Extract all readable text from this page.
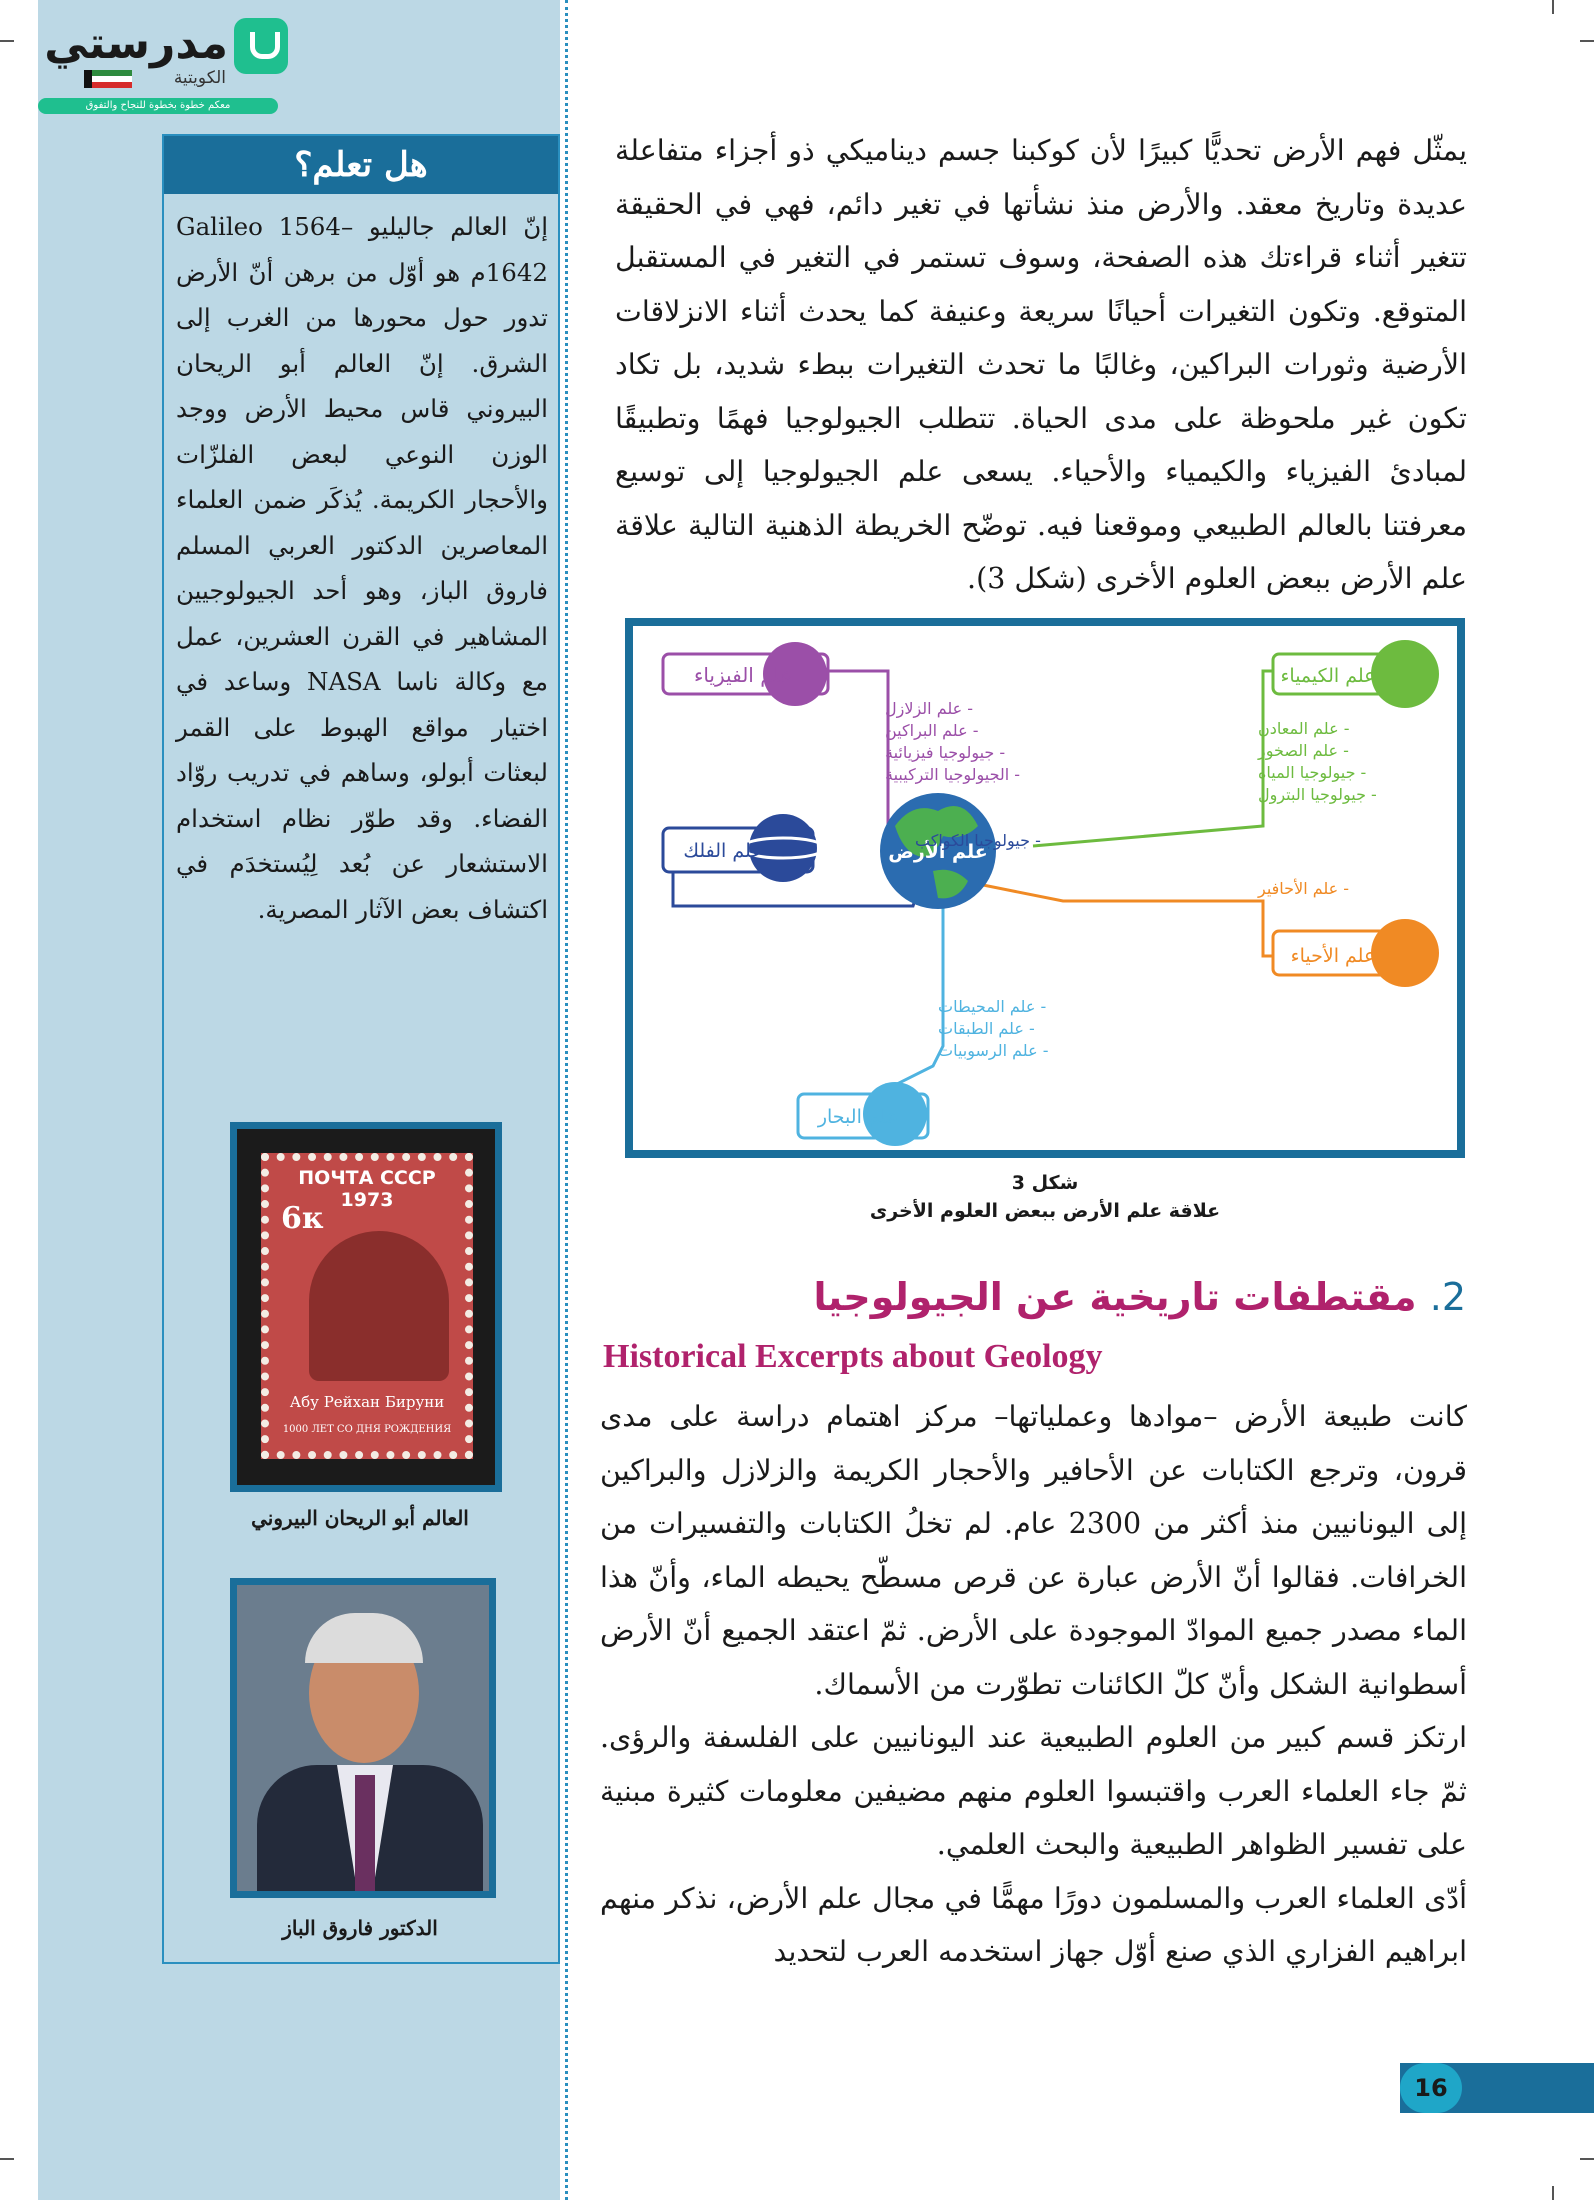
مدرستي
الكويتية
معكم خطوة بخطوة للنجاح والتفوق
هل تعلم؟
إنّ العالم جاليليو Galileo 1564–1642م هو أوّل من برهن أنّ الأرض تدور حول محورها من الغرب إلى الشرق. إنّ العالم أبو الريحان البيروني قاس محيط الأرض ووجد الوزن النوعي لبعض الفلزّات والأحجار الكريمة. يُذكَر ضمن العلماء المعاصرين الدكتور العربي المسلم فاروق الباز، وهو أحد الجيولوجيين المشاهير في القرن العشرين، عمل مع وكالة ناسا NASA وساعد في اختيار مواقع الهبوط على القمر لبعثات أبولو، وساهم في تدريب روّاد الفضاء. وقد طوّر نظام استخدام الاستشعار عن بُعد لِيُستخدَم في اكتشاف بعض الآثار المصرية.
ПОЧТА СССР 1973
6к
Абу Рейхан Бируни
1000 ЛЕТ СО ДНЯ РОЖДЕНИЯ
العالم أبو الريحان البيروني
الدكتور فاروق الباز
يمثّل فهم الأرض تحديًّا كبيرًا لأن كوكبنا جسم ديناميكي ذو أجزاء متفاعلة عديدة وتاريخ معقد. والأرض منذ نشأتها في تغير دائم، فهي في الحقيقة تتغير أثناء قراءتك هذه الصفحة، وسوف تستمر في التغير في المستقبل المتوقع. وتكون التغيرات أحيانًا سريعة وعنيفة كما يحدث أثناء الانزلاقات الأرضية وثورات البراكين، وغالبًا ما تحدث التغيرات ببطء شديد، بل تكاد تكون غير ملحوظة على مدى الحياة. تتطلب الجيولوجيا فهمًا وتطبيقًا لمبادئ الفيزياء والكيمياء والأحياء. يسعى علم الجيولوجيا إلى توسيع معرفتنا بالعالم الطبيعي وموقعنا فيه. توضّح الخريطة الذهنية التالية علاقة علم الأرض ببعض العلوم الأخرى (شكل 3).
علم الأرض
علم الفيزياء
- علم الزلازل
- علم البراكين
- جيولوجيا فيزيائية
- الجيولوجيا التركيبية
علم الكيمياء
- علم المعادن
- علم الصخور
- جيولوجيا المياه
- جيولوجيا البترول
علم الفلك	- جيولوجيا الكواكب
علم الأحياء
- علم الأحافير
علم البحار
- علم المحيطات
- علم الطبقات
- علم الرسوبيات
شكل 3
علاقة علم الأرض ببعض العلوم الأخرى
2. مقتطفات تاريخية عن الجيولوجيا
Historical Excerpts about Geology
كانت طبيعة الأرض –موادها وعملياتها– مركز اهتمام دراسة على مدى قرون، وترجع الكتابات عن الأحافير والأحجار الكريمة والزلازل والبراكين إلى اليونانيين منذ أكثر من 2300 عام. لم تخلُ الكتابات والتفسيرات من الخرافات. فقالوا أنّ الأرض عبارة عن قرص مسطّح يحيطه الماء، وأنّ هذا الماء مصدر جميع الموادّ الموجودة على الأرض. ثمّ اعتقد الجميع أنّ الأرض أسطوانية الشكل وأنّ كلّ الكائنات تطوّرت من الأسماك.
ارتكز قسم كبير من العلوم الطبيعية عند اليونانيين على الفلسفة والرؤى. ثمّ جاء العلماء العرب واقتبسوا العلوم منهم مضيفين معلومات كثيرة مبنية على تفسير الظواهر الطبيعية والبحث العلمي.
أدّى العلماء العرب والمسلمون دورًا مهمًّا في مجال علم الأرض، نذكر منهم ابراهيم الفزاري الذي صنع أوّل جهاز استخدمه العرب لتحديد
16
